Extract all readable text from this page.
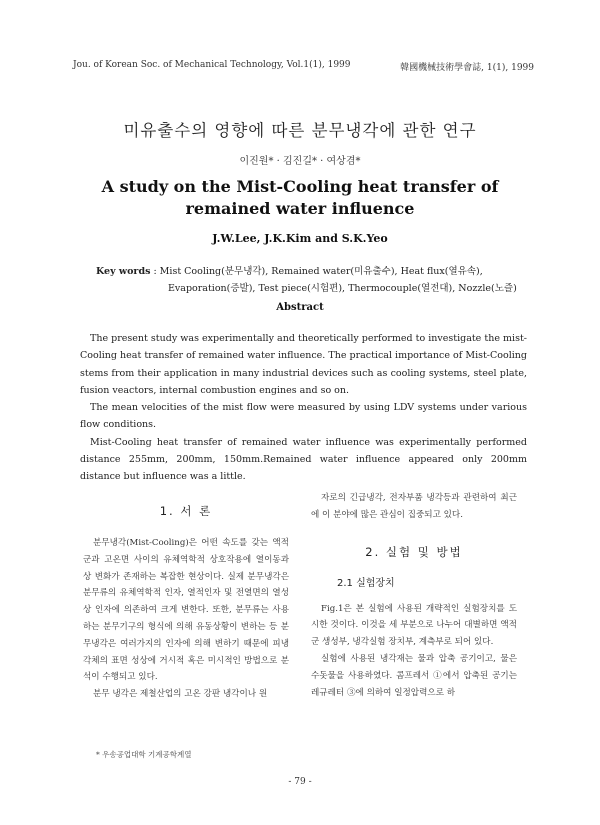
Jou. of Korean Soc. of Mechanical Technology, Vol.1(1), 1999	韓國機械技術學會誌, 1(1), 1999
미유출수의 영향에 따른 분무냉각에 관한 연구
이진원* · 김진길* · 여상겸*
A study on the Mist-Cooling heat transfer of
remained water influence
J.W.Lee, J.K.Kim and S.K.Yeo
Key words : Mist Cooling(분무냉각), Remained water(미유출수), Heat flux(열유속),
Evaporation(증발), Test piece(시험편), Thermocouple(열전대), Nozzle(노즐)
Abstract

The present study was experimentally and theoretically performed to investigate the mist-Cooling heat transfer of remained water influence. The practical importance of Mist-Cooling stems from their application in many industrial devices such as cooling systems, steel plate, fusion veactors, internal combustion engines and so on.

The mean velocities of the mist flow were measured by using LDV systems under various flow conditions.

Mist-Cooling heat transfer of remained water influence was experimentally performed distance 255mm, 200mm, 150mm.Remained water influence appeared only 200mm distance but influence was a little.

1. 서 론

분무냉각(Mist-Cooling)은 어떤 속도를 갖는 액적군과 고온면 사이의 유체역학적 상호작용에 열이동과 상 변화가 존재하는 복잡한 현상이다. 실제 분무냉각은 분무류의 유체역학적 인자, 열적인자 및 전열면의 열성상 인자에 의존하여 크게 변한다. 또한, 분무류는 사용하는 분무기구의 형식에 의해 유동상황이 변하는 등 분무냉각은 여러가지의 인자에 의해 변하기 때문에 피냉각체의 표면 성상에 거시적 혹은 미시적인 방법으로 분석이 수행되고 있다.

분무 냉각은 제철산업의 고온 강판 냉각이나 원

자로의 긴급냉각, 전자부품 냉각등과 관련하여 최근에 이 분야에 많은 관심이 집중되고 있다.

2. 실험 및 방법
2.1 실험장치

Fig.1은 본 실험에 사용된 개략적인 실험장치를 도시한 것이다. 이것을 세 부분으로 나누어 대별하면 액적군 생성부, 냉각실험 장치부, 계측부로 되어 있다.

실험에 사용된 냉각재는 물과 압축 공기이고, 물은 수돗물을 사용하였다. 콤프레서 ①에서 압축된 공기는 레규레터 ③에 의하여 일정압력으로 하

* 우송공업대학 기계공학계열
- 79 -
